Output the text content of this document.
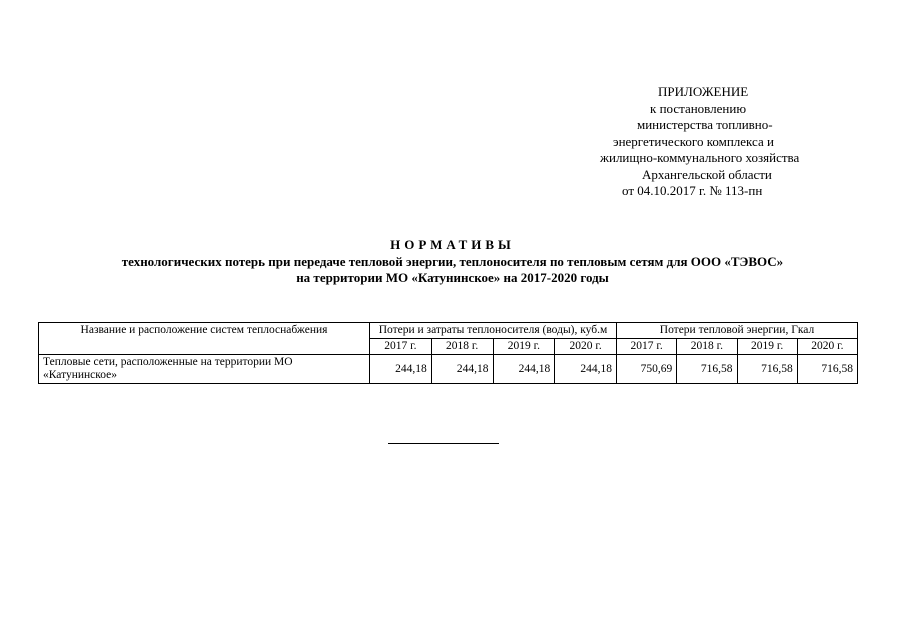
ПРИЛОЖЕНИЕ
к постановлению
министерства топливно-
энергетического комплекса и
жилищно-коммунального хозяйства
Архангельской области
от 04.10.2017 г. № 113-пн
НОРМАТИВЫ
технологических потерь при передаче тепловой энергии, теплоносителя по тепловым сетям для ООО «ТЭВОС»
на территории МО «Катунинское» на 2017-2020 годы
Название и расположение систем теплоснабжения	Потери и затраты теплоносителя (воды), куб.м				Потери тепловой энергии, Гкал			
	2017 г.	2018 г.	2019 г.	2020 г.	2017 г.	2018 г.	2019 г.	2020 г.
Тепловые сети, расположенные на территории МО «Катунинское»	244,18	244,18	244,18	244,18	750,69	716,58	716,58	716,58
